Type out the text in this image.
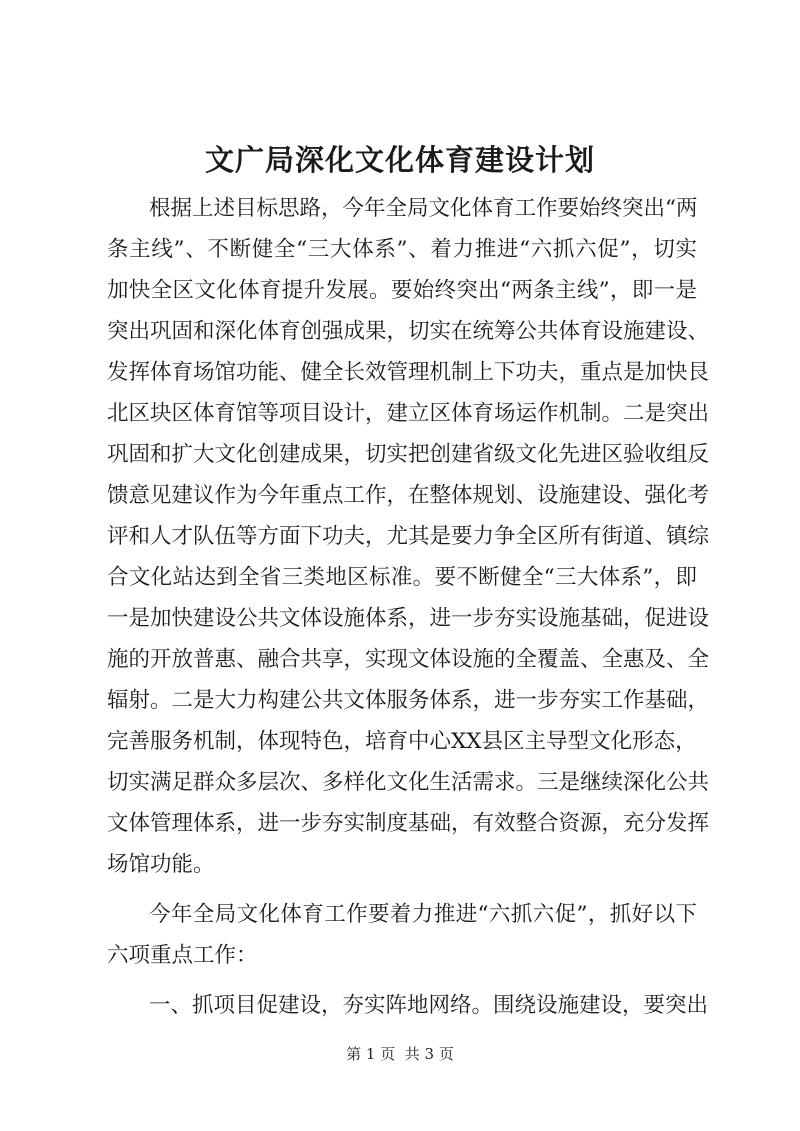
文广局深化文化体育建设计划
根据上述目标思路，今年全局文化体育工作要始终突出“两
条主线”、不断健全“三大体系”、着力推进“六抓六促”，切实
加快全区文化体育提升发展。要始终突出“两条主线”，即一是
突出巩固和深化体育创强成果，切实在统筹公共体育设施建设、
发挥体育场馆功能、健全长效管理机制上下功夫，重点是加快艮
北区块区体育馆等项目设计，建立区体育场运作机制。二是突出
巩固和扩大文化创建成果，切实把创建省级文化先进区验收组反
馈意见建议作为今年重点工作，在整体规划、设施建设、强化考
评和人才队伍等方面下功夫，尤其是要力争全区所有街道、镇综
合文化站达到全省三类地区标准。要不断健全“三大体系”，即
一是加快建设公共文体设施体系，进一步夯实设施基础，促进设
施的开放普惠、融合共享，实现文体设施的全覆盖、全惠及、全
辐射。二是大力构建公共文体服务体系，进一步夯实工作基础，
完善服务机制，体现特色，培育中心XX县区主导型文化形态，
切实满足群众多层次、多样化文化生活需求。三是继续深化公共
文体管理体系，进一步夯实制度基础，有效整合资源，充分发挥
场馆功能。
今年全局文化体育工作要着力推进“六抓六促”，抓好以下
六项重点工作：
一、抓项目促建设，夯实阵地网络。围绕设施建设，要突出
第 1 页  共 3 页
